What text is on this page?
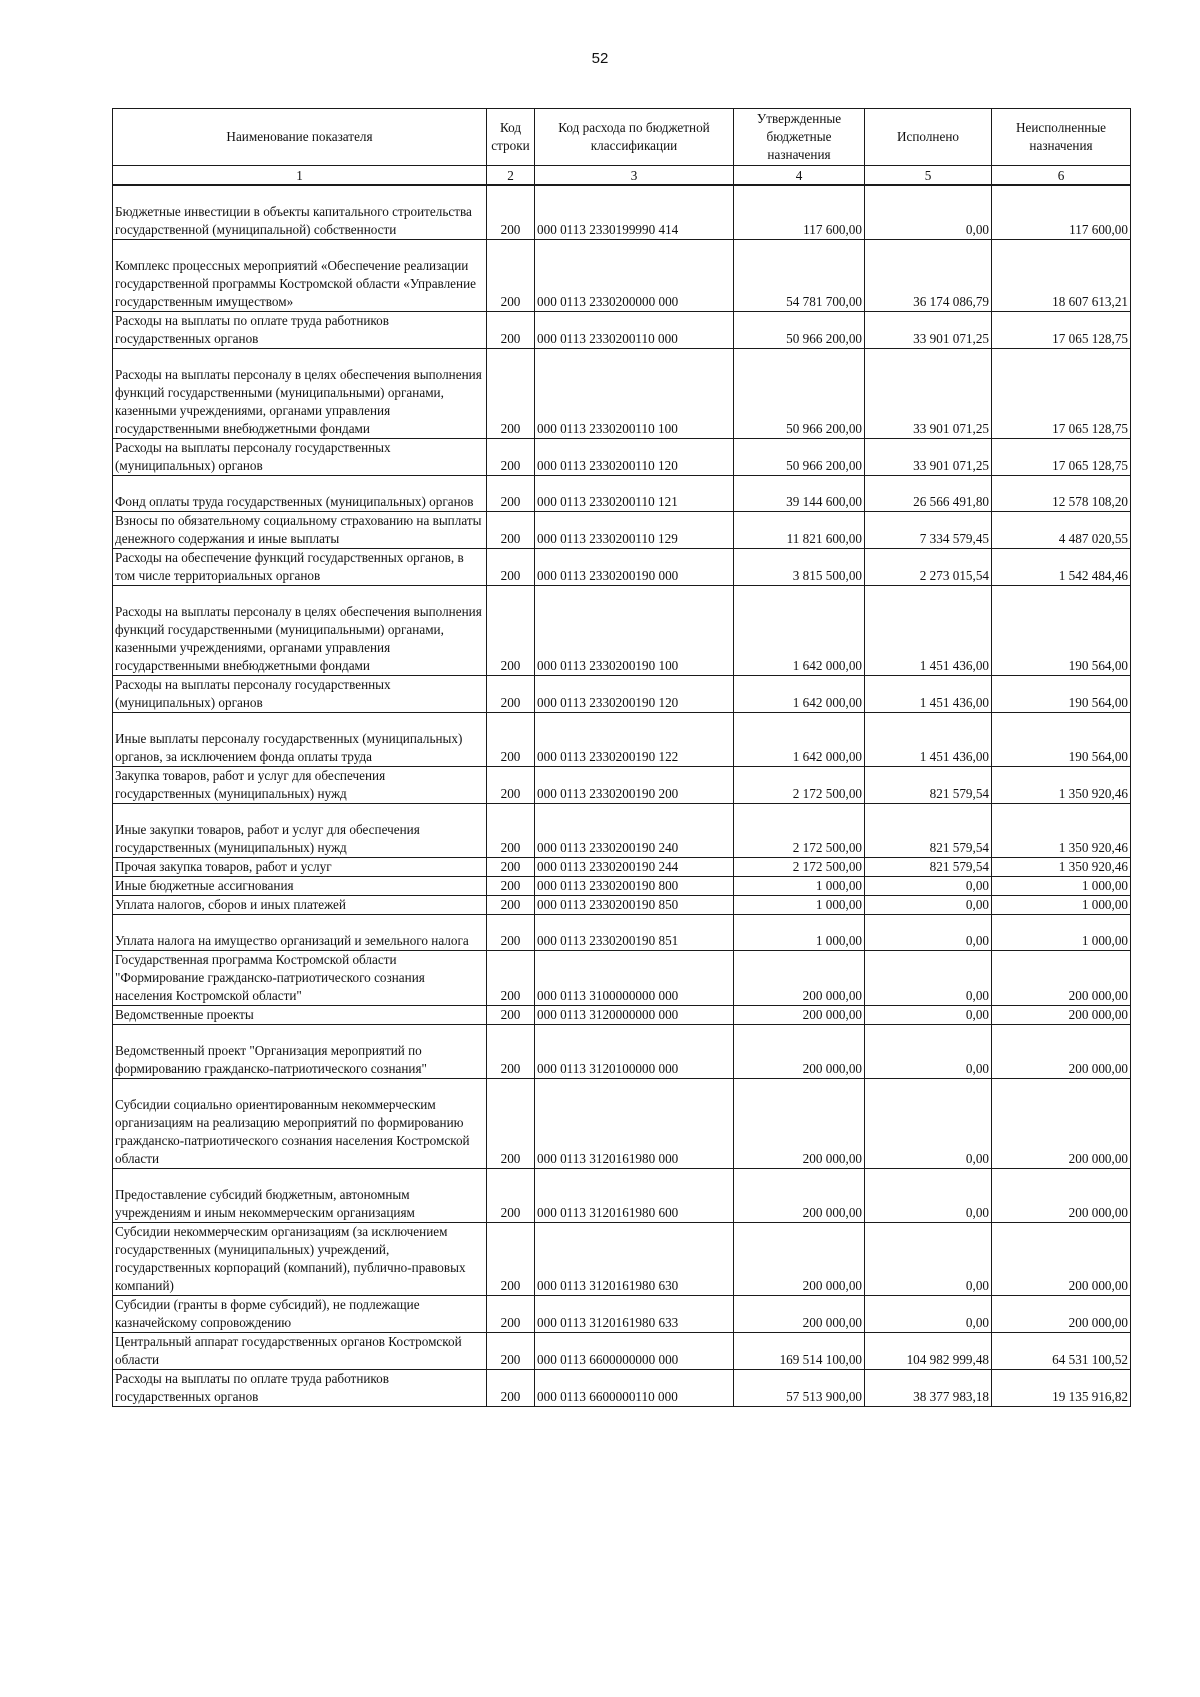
52
Наименование показателя	Код строки	Код расхода по бюджетной классификации	Утвержденные бюджетные назначения	Исполнено	Неисполненные назначения
1	2	3	4	5	6
Бюджетные инвестиции в объекты капитального строительства государственной (муниципальной) собственности	200	000 0113 2330199990 414	117 600,00	0,00	117 600,00
Комплекс процессных мероприятий «Обеспечение реализации государственной программы Костромской области «Управление государственным имуществом»	200	000 0113 2330200000 000	54 781 700,00	36 174 086,79	18 607 613,21
Расходы на выплаты по оплате труда работников государственных органов	200	000 0113 2330200110 000	50 966 200,00	33 901 071,25	17 065 128,75
Расходы на выплаты персоналу в целях обеспечения выполнения функций государственными (муниципальными) органами, казенными учреждениями, органами управления государственными внебюджетными фондами	200	000 0113 2330200110 100	50 966 200,00	33 901 071,25	17 065 128,75
Расходы на выплаты персоналу государственных (муниципальных) органов	200	000 0113 2330200110 120	50 966 200,00	33 901 071,25	17 065 128,75
Фонд оплаты труда государственных (муниципальных) органов	200	000 0113 2330200110 121	39 144 600,00	26 566 491,80	12 578 108,20
Взносы по обязательному социальному страхованию на выплаты денежного содержания и иные выплаты	200	000 0113 2330200110 129	11 821 600,00	7 334 579,45	4 487 020,55
Расходы на обеспечение функций государственных органов, в том числе территориальных органов	200	000 0113 2330200190 000	3 815 500,00	2 273 015,54	1 542 484,46
Расходы на выплаты персоналу в целях обеспечения выполнения функций государственными (муниципальными) органами, казенными учреждениями, органами управления государственными внебюджетными фондами	200	000 0113 2330200190 100	1 642 000,00	1 451 436,00	190 564,00
Расходы на выплаты персоналу государственных (муниципальных) органов	200	000 0113 2330200190 120	1 642 000,00	1 451 436,00	190 564,00
Иные выплаты персоналу государственных (муниципальных) органов, за исключением фонда оплаты труда	200	000 0113 2330200190 122	1 642 000,00	1 451 436,00	190 564,00
Закупка товаров, работ и услуг для обеспечения государственных (муниципальных) нужд	200	000 0113 2330200190 200	2 172 500,00	821 579,54	1 350 920,46
Иные закупки товаров, работ и услуг для обеспечения государственных (муниципальных) нужд	200	000 0113 2330200190 240	2 172 500,00	821 579,54	1 350 920,46
Прочая закупка товаров, работ и услуг	200	000 0113 2330200190 244	2 172 500,00	821 579,54	1 350 920,46
Иные бюджетные ассигнования	200	000 0113 2330200190 800	1 000,00	0,00	1 000,00
Уплата налогов, сборов и иных платежей	200	000 0113 2330200190 850	1 000,00	0,00	1 000,00
Уплата налога на имущество организаций и земельного налога	200	000 0113 2330200190 851	1 000,00	0,00	1 000,00
Государственная программа Костромской области "Формирование гражданско-патриотического сознания населения Костромской области"	200	000 0113 3100000000 000	200 000,00	0,00	200 000,00
Ведомственные проекты	200	000 0113 3120000000 000	200 000,00	0,00	200 000,00
Ведомственный проект "Организация мероприятий по формированию гражданско-патриотического сознания"	200	000 0113 3120100000 000	200 000,00	0,00	200 000,00
Субсидии социально ориентированным некоммерческим организациям на реализацию мероприятий по формированию гражданско-патриотического сознания населения Костромской области	200	000 0113 3120161980 000	200 000,00	0,00	200 000,00
Предоставление субсидий бюджетным, автономным учреждениям и иным некоммерческим организациям	200	000 0113 3120161980 600	200 000,00	0,00	200 000,00
Субсидии некоммерческим организациям (за исключением государственных (муниципальных) учреждений, государственных корпораций (компаний), публично-правовых компаний)	200	000 0113 3120161980 630	200 000,00	0,00	200 000,00
Субсидии (гранты в форме субсидий), не подлежащие казначейскому сопровождению	200	000 0113 3120161980 633	200 000,00	0,00	200 000,00
Центральный аппарат государственных органов Костромской области	200	000 0113 6600000000 000	169 514 100,00	104 982 999,48	64 531 100,52
Расходы на выплаты по оплате труда работников государственных органов	200	000 0113 6600000110 000	57 513 900,00	38 377 983,18	19 135 916,82
